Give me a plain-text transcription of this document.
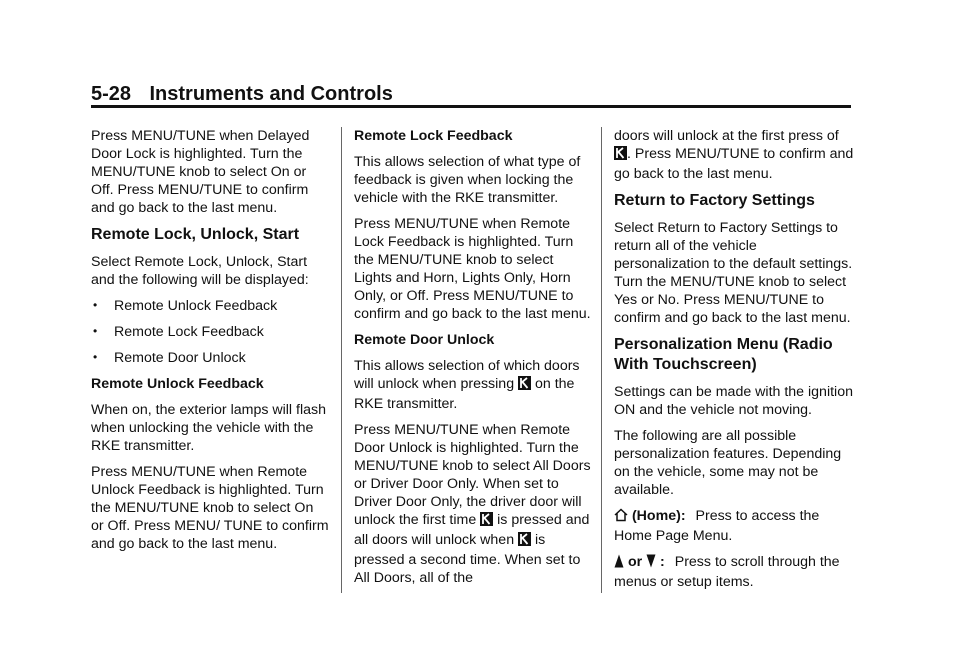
5-28 Instruments and Controls

Press MENU/TUNE when Delayed Door Lock is highlighted. Turn the MENU/TUNE knob to select On or Off. Press MENU/TUNE to confirm and go back to the last menu.

Remote Lock, Unlock, Start

Select Remote Lock, Unlock, Start and the following will be displayed:

• Remote Unlock Feedback
• Remote Lock Feedback
• Remote Door Unlock
Remote Unlock Feedback

When on, the exterior lamps will flash when unlocking the vehicle with the RKE transmitter.

Press MENU/TUNE when Remote Unlock Feedback is highlighted. Turn the MENU/TUNE knob to select On or Off. Press MENU/ TUNE to confirm and go back to the last menu.

Remote Lock Feedback

This allows selection of what type of feedback is given when locking the vehicle with the RKE transmitter.

Press MENU/TUNE when Remote Lock Feedback is highlighted. Turn the MENU/TUNE knob to select Lights and Horn, Lights Only, Horn Only, or Off. Press MENU/TUNE to confirm and go back to the last menu.

Remote Door Unlock

This allows selection of which doors will unlock when pressing on the RKE transmitter.

Press MENU/TUNE when Remote Door Unlock is highlighted. Turn the MENU/TUNE knob to select All Doors or Driver Door Only. When set to Driver Door Only, the driver door will unlock the first time is pressed and all doors will unlock when is pressed a second time. When set to All Doors, all of the

doors will unlock at the first press of . Press MENU/TUNE to confirm and go back to the last menu.

Return to Factory Settings

Select Return to Factory Settings to return all of the vehicle personalization to the default settings. Turn the MENU/TUNE knob to select Yes or No. Press MENU/TUNE to confirm and go back to the last menu.

Personalization Menu (Radio With Touchscreen)

Settings can be made with the ignition ON and the vehicle not moving.

The following are all possible personalization features. Depending on the vehicle, some may not be available.

(Home): Press to access the Home Page Menu.

or : Press to scroll through the menus or setup items.
